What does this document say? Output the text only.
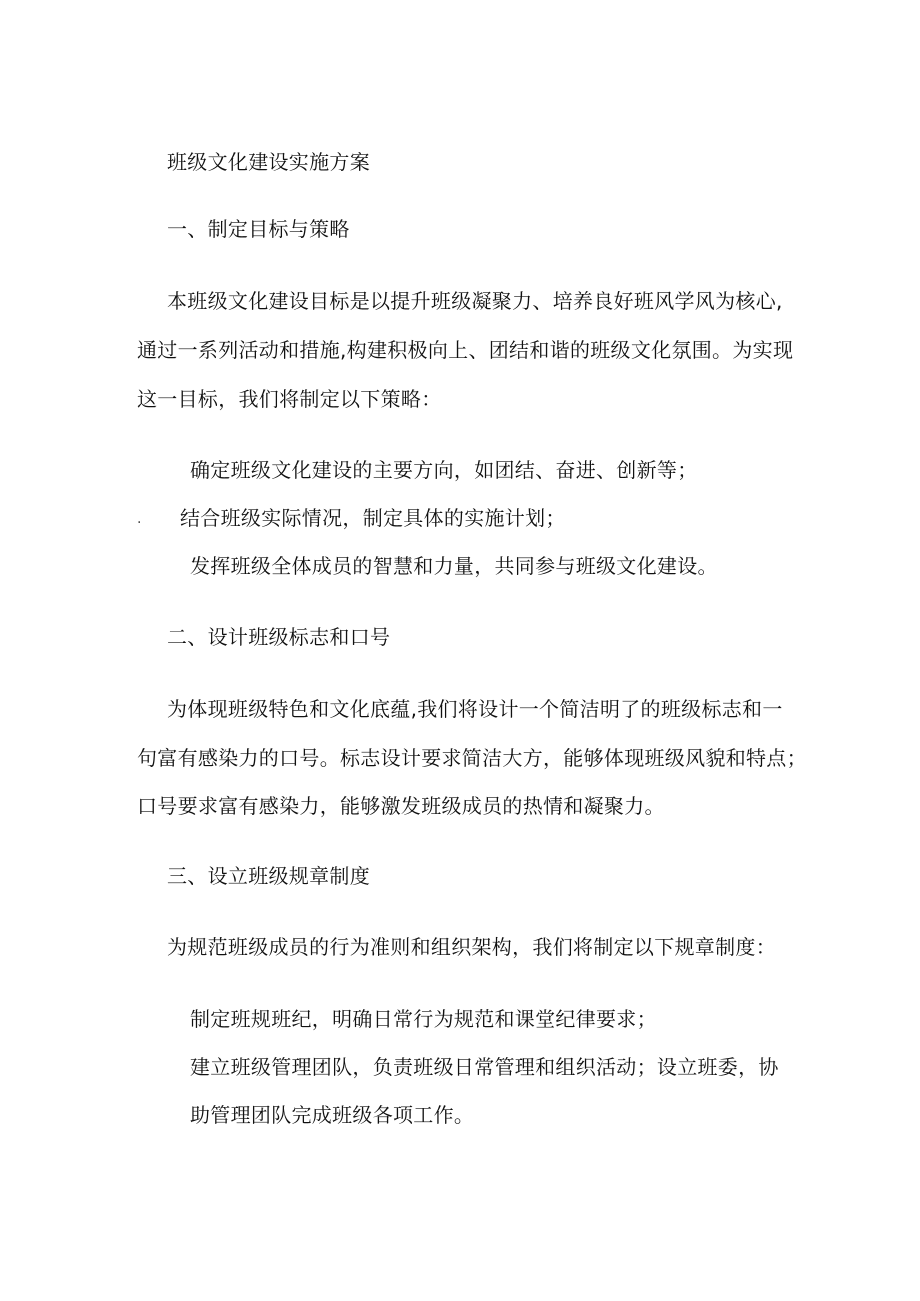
班级文化建设实施方案
一、制定目标与策略
本班级文化建设目标是以提升班级凝聚力、培养良好班风学风为核心,
通过一系列活动和措施,构建积极向上、团结和谐的班级文化氛围。为实现
这一目标，我们将制定以下策略：
确定班级文化建设的主要方向，如团结、奋进、创新等；
. 结合班级实际情况，制定具体的实施计划；
发挥班级全体成员的智慧和力量，共同参与班级文化建设。
二、设计班级标志和口号
为体现班级特色和文化底蕴,我们将设计一个简洁明了的班级标志和一
句富有感染力的口号。标志设计要求简洁大方，能够体现班级风貌和特点；
口号要求富有感染力，能够激发班级成员的热情和凝聚力。
三、设立班级规章制度
为规范班级成员的行为准则和组织架构，我们将制定以下规章制度：
制定班规班纪，明确日常行为规范和课堂纪律要求；
建立班级管理团队，负责班级日常管理和组织活动；设立班委，协
助管理团队完成班级各项工作。
